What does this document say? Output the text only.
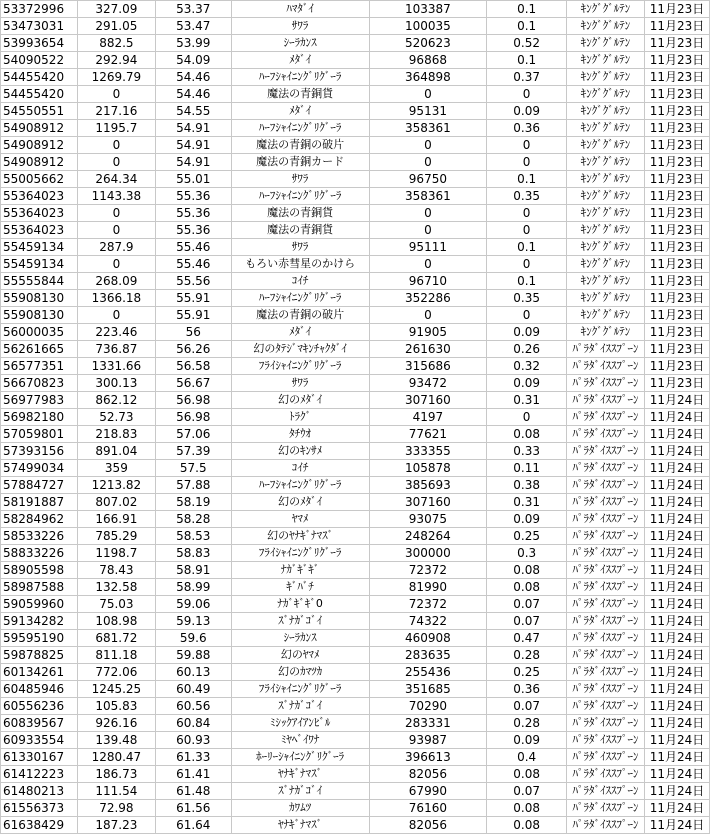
53372996	327.09	53.37	ﾊﾏﾀﾞｲ	103387	0.1	ｷﾝｸﾞｸﾞﾙﾃﾝ	11月23日
53473031	291.05	53.47	ｻﾜﾗ	100035	0.1	ｷﾝｸﾞｸﾞﾙﾃﾝ	11月23日
53993654	882.5	53.99	ｼｰﾗｶﾝｽ	520623	0.52	ｷﾝｸﾞｸﾞﾙﾃﾝ	11月23日
54090522	292.94	54.09	ﾒﾀﾞｲ	96868	0.1	ｷﾝｸﾞｸﾞﾙﾃﾝ	11月23日
54455420	1269.79	54.46	ﾊｰﾌｼｬｲﾆﾝｸﾞﾘｸﾞｰﾗ	364898	0.37	ｷﾝｸﾞｸﾞﾙﾃﾝ	11月23日
54455420	0	54.46	魔法の青銅貨	0	0	ｷﾝｸﾞｸﾞﾙﾃﾝ	11月23日
54550551	217.16	54.55	ﾒﾀﾞｲ	95131	0.09	ｷﾝｸﾞｸﾞﾙﾃﾝ	11月23日
54908912	1195.7	54.91	ﾊｰﾌｼｬｲﾆﾝｸﾞﾘｸﾞｰﾗ	358361	0.36	ｷﾝｸﾞｸﾞﾙﾃﾝ	11月23日
54908912	0	54.91	魔法の青銅の破片	0	0	ｷﾝｸﾞｸﾞﾙﾃﾝ	11月23日
54908912	0	54.91	魔法の青銅カード	0	0	ｷﾝｸﾞｸﾞﾙﾃﾝ	11月23日
55005662	264.34	55.01	ｻﾜﾗ	96750	0.1	ｷﾝｸﾞｸﾞﾙﾃﾝ	11月23日
55364023	1143.38	55.36	ﾊｰﾌｼｬｲﾆﾝｸﾞﾘｸﾞｰﾗ	358361	0.35	ｷﾝｸﾞｸﾞﾙﾃﾝ	11月23日
55364023	0	55.36	魔法の青銅貨	0	0	ｷﾝｸﾞｸﾞﾙﾃﾝ	11月23日
55364023	0	55.36	魔法の青銅貨	0	0	ｷﾝｸﾞｸﾞﾙﾃﾝ	11月23日
55459134	287.9	55.46	ｻﾜﾗ	95111	0.1	ｷﾝｸﾞｸﾞﾙﾃﾝ	11月23日
55459134	0	55.46	もろい赤彗星のかけら	0	0	ｷﾝｸﾞｸﾞﾙﾃﾝ	11月23日
55555844	268.09	55.56	ｺｲﾁ	96710	0.1	ｷﾝｸﾞｸﾞﾙﾃﾝ	11月23日
55908130	1366.18	55.91	ﾊｰﾌｼｬｲﾆﾝｸﾞﾘｸﾞｰﾗ	352286	0.35	ｷﾝｸﾞｸﾞﾙﾃﾝ	11月23日
55908130	0	55.91	魔法の青銅の破片	0	0	ｷﾝｸﾞｸﾞﾙﾃﾝ	11月23日
56000035	223.46	56	ﾒﾀﾞｲ	91905	0.09	ｷﾝｸﾞｸﾞﾙﾃﾝ	11月23日
56261665	736.87	56.26	幻のﾀﾃｼﾞﾏｷﾝﾁｬｸﾀﾞｲ	261630	0.26	ﾊﾟﾗﾀﾞｲｽｽﾌﾟｰﾝ	11月23日
56577351	1331.66	56.58	ﾌﾗｲｼｬｲﾆﾝｸﾞﾘｸﾞｰﾗ	315686	0.32	ﾊﾟﾗﾀﾞｲｽｽﾌﾟｰﾝ	11月23日
56670823	300.13	56.67	ｻﾜﾗ	93472	0.09	ﾊﾟﾗﾀﾞｲｽｽﾌﾟｰﾝ	11月23日
56977983	862.12	56.98	幻のﾒﾀﾞｲ	307160	0.31	ﾊﾟﾗﾀﾞｲｽｽﾌﾟｰﾝ	11月24日
56982180	52.73	56.98	ﾄﾗｸﾞ	4197	0	ﾊﾟﾗﾀﾞｲｽｽﾌﾟｰﾝ	11月24日
57059801	218.83	57.06	ﾀﾁｳｵ	77621	0.08	ﾊﾟﾗﾀﾞｲｽｽﾌﾟｰﾝ	11月24日
57393156	891.04	57.39	幻のｷﾝｻﾒ	333355	0.33	ﾊﾟﾗﾀﾞｲｽｽﾌﾟｰﾝ	11月24日
57499034	359	57.5	ｺｲﾁ	105878	0.11	ﾊﾟﾗﾀﾞｲｽｽﾌﾟｰﾝ	11月24日
57884727	1213.82	57.88	ﾊｰﾌｼｬｲﾆﾝｸﾞﾘｸﾞｰﾗ	385693	0.38	ﾊﾟﾗﾀﾞｲｽｽﾌﾟｰﾝ	11月24日
58191887	807.02	58.19	幻のﾒﾀﾞｲ	307160	0.31	ﾊﾟﾗﾀﾞｲｽｽﾌﾟｰﾝ	11月24日
58284962	166.91	58.28	ﾔﾏﾒ	93075	0.09	ﾊﾟﾗﾀﾞｲｽｽﾌﾟｰﾝ	11月24日
58533226	785.29	58.53	幻のﾔﾅｷﾞﾅﾏｽﾞ	248264	0.25	ﾊﾟﾗﾀﾞｲｽｽﾌﾟｰﾝ	11月24日
58833226	1198.7	58.83	ﾌﾗｲｼｬｲﾆﾝｸﾞﾘｸﾞｰﾗ	300000	0.3	ﾊﾟﾗﾀﾞｲｽｽﾌﾟｰﾝ	11月24日
58905598	78.43	58.91	ﾅｶﾞｷﾞｷﾞ	72372	0.08	ﾊﾟﾗﾀﾞｲｽｽﾌﾟｰﾝ	11月24日
58987588	132.58	58.99	ｷﾞﾊﾞﾁ	81990	0.08	ﾊﾟﾗﾀﾞｲｽｽﾌﾟｰﾝ	11月24日
59059960	75.03	59.06	ﾅｶﾞｷﾞｷﾞ0	72372	0.07	ﾊﾟﾗﾀﾞｲｽｽﾌﾟｰﾝ	11月24日
59134282	108.98	59.13	ｽﾞﾅｶﾞｺﾞｲ	74322	0.07	ﾊﾟﾗﾀﾞｲｽｽﾌﾟｰﾝ	11月24日
59595190	681.72	59.6	ｼｰﾗｶﾝｽ	460908	0.47	ﾊﾟﾗﾀﾞｲｽｽﾌﾟｰﾝ	11月24日
59878825	811.18	59.88	幻のﾔﾏﾒ	283635	0.28	ﾊﾟﾗﾀﾞｲｽｽﾌﾟｰﾝ	11月24日
60134261	772.06	60.13	幻のｶﾏﾂｶ	255436	0.25	ﾊﾟﾗﾀﾞｲｽｽﾌﾟｰﾝ	11月24日
60485946	1245.25	60.49	ﾌﾗｲｼｬｲﾆﾝｸﾞﾘｸﾞｰﾗ	351685	0.36	ﾊﾟﾗﾀﾞｲｽｽﾌﾟｰﾝ	11月24日
60556236	105.83	60.56	ｽﾞﾅｶﾞｺﾞｲ	70290	0.07	ﾊﾟﾗﾀﾞｲｽｽﾌﾟｰﾝ	11月24日
60839567	926.16	60.84	ﾐｼｯｸｱｲｱﾝﾋﾞﾙ	283331	0.28	ﾊﾟﾗﾀﾞｲｽｽﾌﾟｰﾝ	11月24日
60933554	139.48	60.93	ﾐﾔﾍﾞｲﾜﾅ	93987	0.09	ﾊﾟﾗﾀﾞｲｽｽﾌﾟｰﾝ	11月24日
61330167	1280.47	61.33	ﾎｰﾘｰｼｬｲﾆﾝｸﾞﾘｸﾞｰﾗ	396613	0.4	ﾊﾟﾗﾀﾞｲｽｽﾌﾟｰﾝ	11月24日
61412223	186.73	61.41	ﾔﾅｷﾞﾅﾏｽﾞ	82056	0.08	ﾊﾟﾗﾀﾞｲｽｽﾌﾟｰﾝ	11月24日
61480213	111.54	61.48	ｽﾞﾅｶﾞｺﾞｲ	67990	0.07	ﾊﾟﾗﾀﾞｲｽｽﾌﾟｰﾝ	11月24日
61556373	72.98	61.56	ｶﾜﾑﾂ	76160	0.08	ﾊﾟﾗﾀﾞｲｽｽﾌﾟｰﾝ	11月24日
61638429	187.23	61.64	ﾔﾅｷﾞﾅﾏｽﾞ	82056	0.08	ﾊﾟﾗﾀﾞｲｽｽﾌﾟｰﾝ	11月24日
